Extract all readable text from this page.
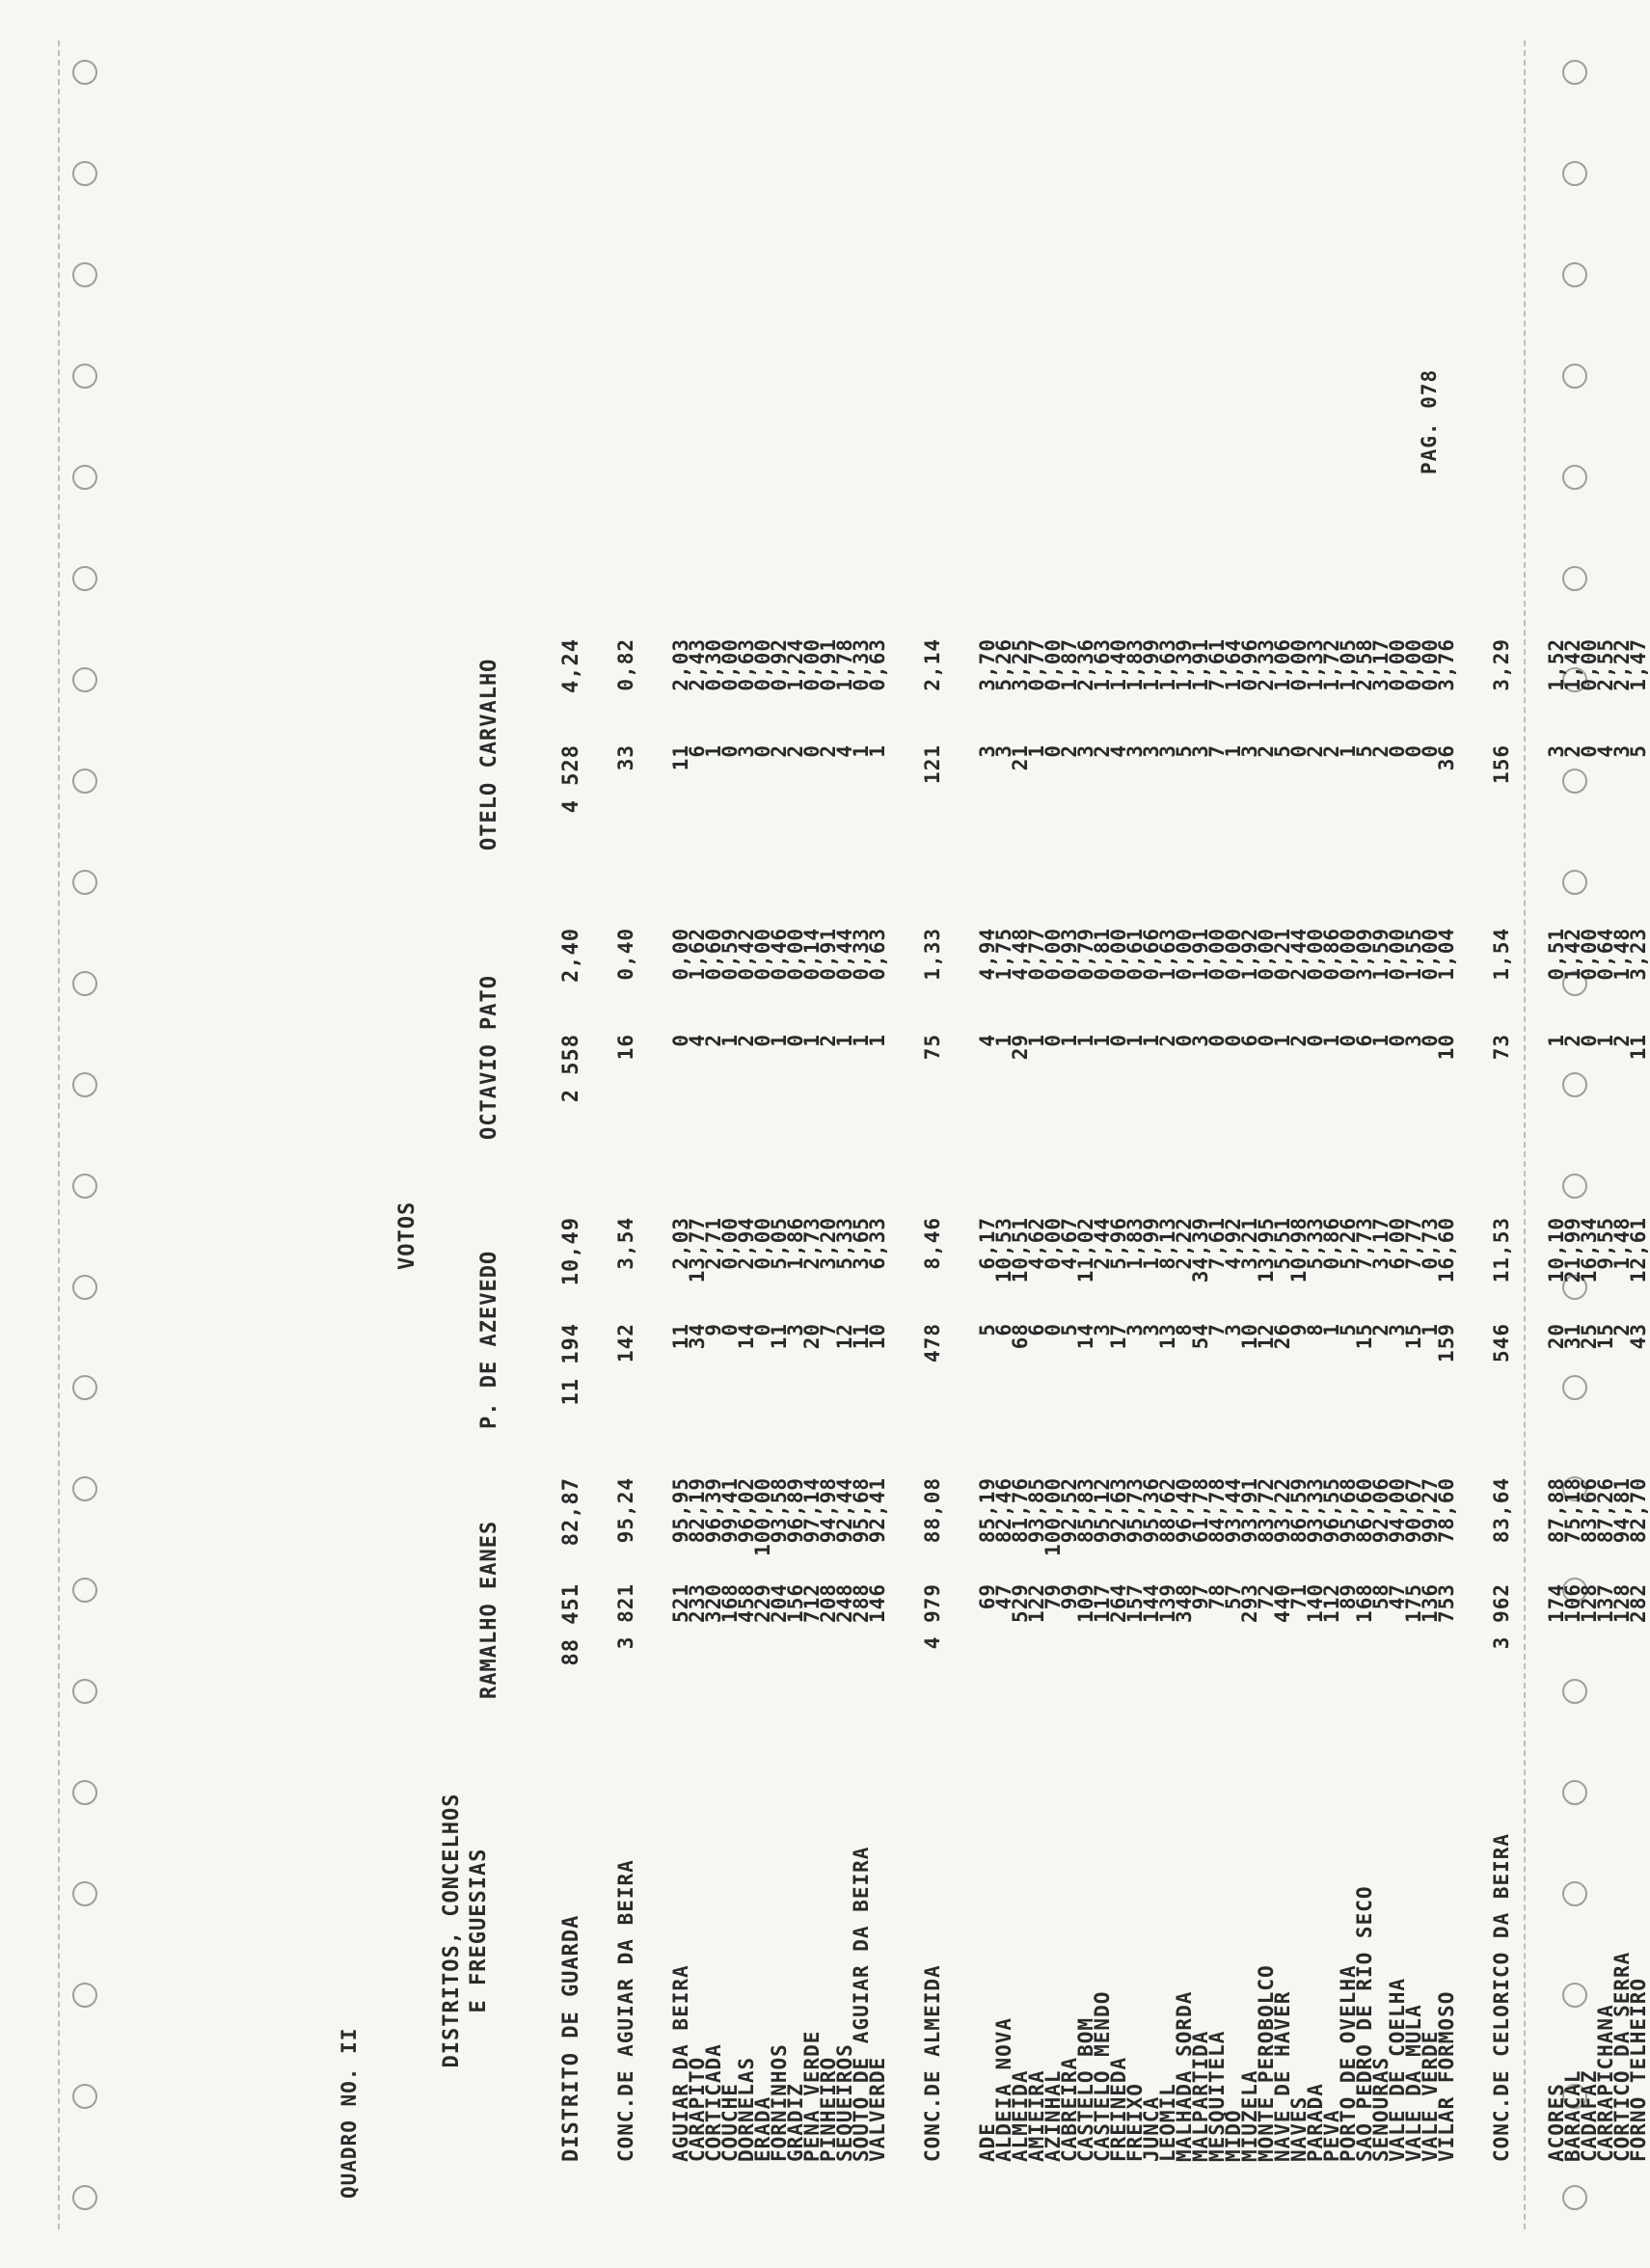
QUADRO NO. II
PAG. 078
DISTRITOS, CONCELHOS E FREGUESIAS
VOTOS
RAMALHO EANES
P. DE AZEVEDO
OCTAVIO PATO
OTELO CARVALHO
DISTRITO DE GUARDA
88 451
82,87
11 194
10,49
2 558
2,40
4 528
4,24
CONC.DE AGUIAR DA BEIRA
3 821
95,24
142
3,54
16
0,40
33
0,82
AGUIAR DA BEIRA
521
95,95
11
2,03
0
0,00
11
2,03
CARAPITO
233
82,19
34
13,77
4
1,62
6
2,43
CORTICADA
320
96,39
9
2,71
2
0,60
1
0,30
COUCHE
168
99,41
0
0,00
1
0,59
0
0,00
DORNELAS
458
96,02
14
2,94
2
0,42
3
0,63
ERADA
229
100,00
0
0,00
0
0,00
0
0,00
FORNINHOS
204
93,58
11
5,05
1
0,46
2
0,92
GRADIZ
156
96,89
3
1,86
0
0,00
2
1,24
PENA VERDE
712
97,14
20
2,73
1
0,14
0
0,00
PINHEIRO
208
94,98
7
3,20
2
0,91
2
0,91
SEQUEIROS
248
92,44
12
5,33
1
0,44
4
1,78
SOUTO DE AGUIAR DA BEIRA
288
95,68
11
3,65
1
0,33
1
0,33
VALVERDE
146
92,41
10
6,33
1
0,63
1
0,63
CONC.DE ALMEIDA
4 979
88,08
478
8,46
75
1,33
121
2,14
ADE
69
85,19
5
6,17
4
4,94
3
3,70
ALDEIA NOVA
47
82,46
6
10,53
1
1,75
3
5,26
ALMEIDA
529
81,76
68
10,51
29
4,48
21
3,25
AMIEIRA
122
93,85
6
4,62
1
0,77
1
0,77
AZINHAL
79
100,00
0
0,00
0
0,00
0
0,00
CABREIRA
99
92,52
5
4,67
1
0,93
2
1,87
CASTELO BOM
109
85,83
14
11,02
1
0,79
3
2,36
CASTELO MENDO
117
95,12
3
2,44
1
0,81
2
1,63
FREINEDA
264
92,63
17
5,96
0
0,00
4
1,40
FREIXO
157
95,73
3
1,83
1
0,61
3
1,83
JUNCA
144
95,36
3
1,99
1
0,66
3
1,99
LEOMIL
139
88,62
13
8,13
2
1,63
3
1,63
MALHADA SORDA
348
96,40
8
2,22
0
0,00
5
1,39
MALPARTIDA
97
61,78
54
34,39
3
1,91
3
1,91
MESQUITELA
78
84,78
7
7,61
0
0,00
7
7,61
MIDO
57
93,44
3
4,92
0
0,00
1
1,64
MIUZELA
293
93,91
10
3,21
6
1,92
3
0,96
MONTE PEROBOLCO
72
83,72
12
13,95
0
0,00
2
2,33
NAVE DE HAVER
440
93,22
26
5,51
1
0,21
5
1,06
NAVES
71
86,59
9
10,98
2
2,44
0
0,00
PARADA
140
93,33
8
5,33
0
0,00
2
1,33
PEVA
112
96,55
1
0,86
1
0,86
2
1,72
PORTO DE OVELHA
89
95,68
5
5,26
0
0,00
1
1,05
SAO PEDRO DE RIO SECO
168
86,60
15
7,73
6
3,09
5
2,58
SENOURAS
58
92,06
2
3,17
1
1,59
2
3,17
VALE DE COELHA
47
94,00
3
6,00
0
0,00
0
0,00
VALE DA MULA
175
90,67
15
7,77
3
1,55
0
0,00
VALE VERDE
136
99,27
1
0,73
0
0,00
0
0,00
VILAR FORMOSO
753
78,60
159
16,60
10
1,04
36
3,76
CONC.DE CELORICO DA BEIRA
3 962
83,64
546
11,53
73
1,54
156
3,29
ACORES
174
87,88
20
10,10
1
0,51
3
1,52
BARACAL
106
75,18
31
21,99
2
1,42
2
1,42
CADAFAZ
128
83,66
25
16,34
0
0,00
0
0,00
CARRAPICHANA
137
87,26
15
9,55
1
0,64
4
2,55
CORTICO DA SERRA
128
94,81
2
1,48
2
1,48
3
2,22
FORNO TELHEIRO
282
82,70
43
12,61
11
3,23
5
1,47
